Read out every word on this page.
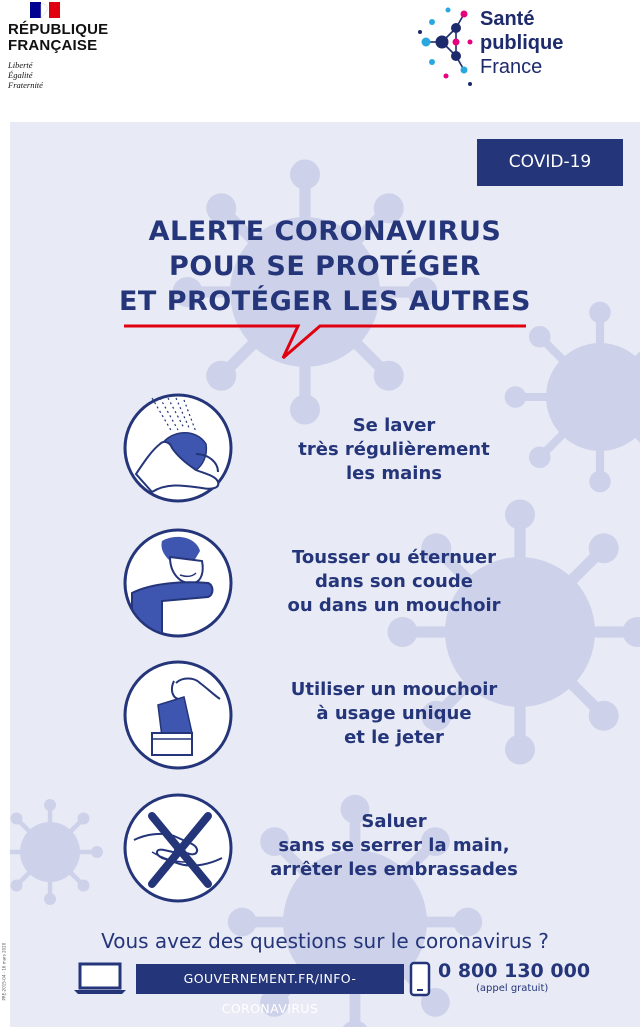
RÉPUBLIQUE
FRANÇAISE
Liberté
Égalité
Fraternité
Santé
publique
France
COVID-19
ALERTE CORONAVIRUS
POUR SE PROTÉGER
ET PROTÉGER LES AUTRES
Se laver
très régulièrement
les mains
Tousser ou éternuer
dans son coude
ou dans un mouchoir
Utiliser un mouchoir
à usage unique
et le jeter
Saluer
sans se serrer la main,
arrêter les embrassades
Vous avez des questions sur le coronavirus ?
GOUVERNEMENT.FR/INFO-CORONAVIRUS
0 800 130 000
(appel gratuit)
PRE-2015-04 - 16 mars 2020
